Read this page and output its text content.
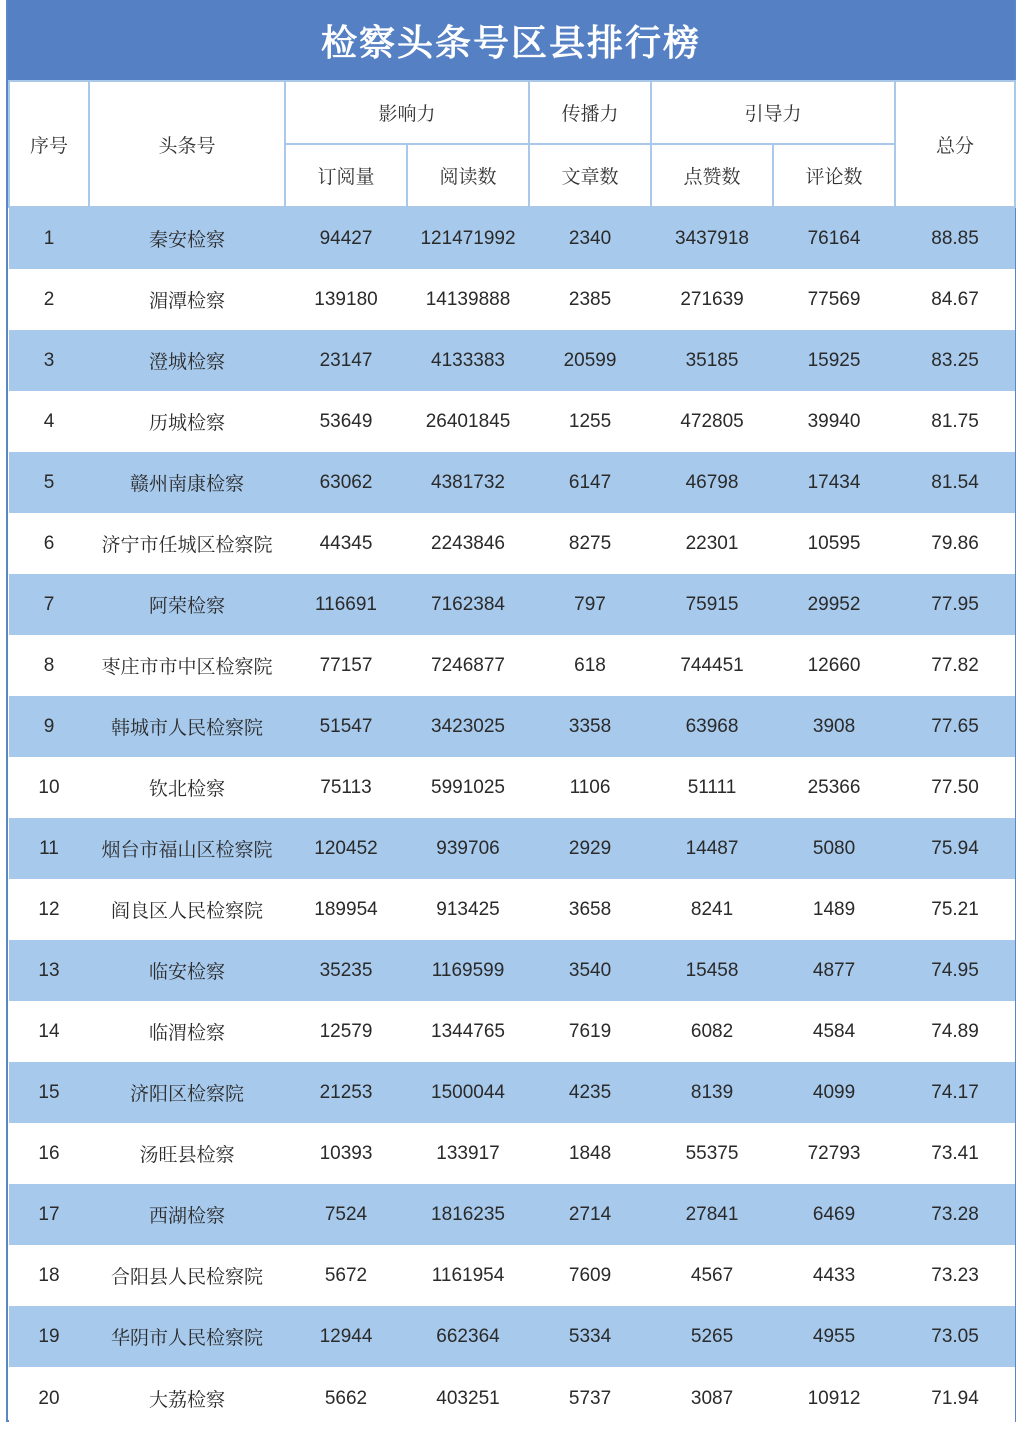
检察头条号区县排行榜
序号	头条号	影响力		传播力	引导力		总分
		订阅量	阅读数	文章数	点赞数	评论数	
1	秦安检察	94427	121471992	2340	3437918	76164	88.85
2	湄潭检察	139180	14139888	2385	271639	77569	84.67
3	澄城检察	23147	4133383	20599	35185	15925	83.25
4	历城检察	53649	26401845	1255	472805	39940	81.75
5	赣州南康检察	63062	4381732	6147	46798	17434	81.54
6	济宁市任城区检察院	44345	2243846	8275	22301	10595	79.86
7	阿荣检察	116691	7162384	797	75915	29952	77.95
8	枣庄市市中区检察院	77157	7246877	618	744451	12660	77.82
9	韩城市人民检察院	51547	3423025	3358	63968	3908	77.65
10	钦北检察	75113	5991025	1106	51111	25366	77.50
11	烟台市福山区检察院	120452	939706	2929	14487	5080	75.94
12	阎良区人民检察院	189954	913425	3658	8241	1489	75.21
13	临安检察	35235	1169599	3540	15458	4877	74.95
14	临渭检察	12579	1344765	7619	6082	4584	74.89
15	济阳区检察院	21253	1500044	4235	8139	4099	74.17
16	汤旺县检察	10393	133917	1848	55375	72793	73.41
17	西湖检察	7524	1816235	2714	27841	6469	73.28
18	合阳县人民检察院	5672	1161954	7609	4567	4433	73.23
19	华阴市人民检察院	12944	662364	5334	5265	4955	73.05
20	大荔检察	5662	403251	5737	3087	10912	71.94
